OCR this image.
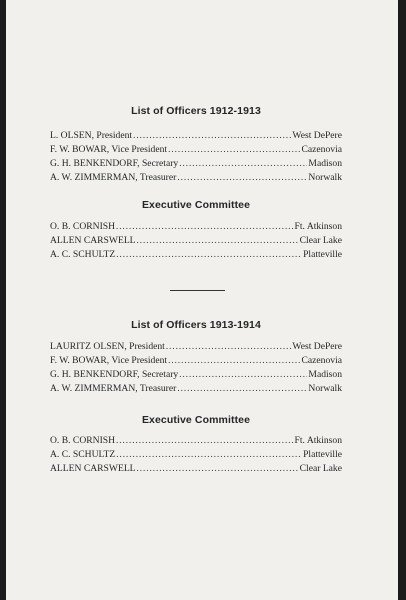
List of Officers 1912-1913
L. OLSEN, President .....	West DePere
F. W. BOWAR, Vice President .....	Cazenovia
G. H. BENKENDORF, Secretary .....	Madison
A. W. ZIMMERMAN, Treasurer .....	Norwalk
Executive Committee
O. B. CORNISH .....	Ft. Atkinson
ALLEN CARSWELL .....	Clear Lake
A. C. SCHULTZ .....	Platteville
List of Officers 1913-1914
LAURITZ OLSEN, President .....	West DePere
F. W. BOWAR, Vice President .....	Cazenovia
G. H. BENKENDORF, Secretary .....	Madison
A. W. ZIMMERMAN, Treasurer .....	Norwalk
Executive Committee
O. B. CORNISH .....	Ft. Atkinson
A. C. SCHULTZ .....	Platteville
ALLEN CARSWELL .....	Clear Lake
